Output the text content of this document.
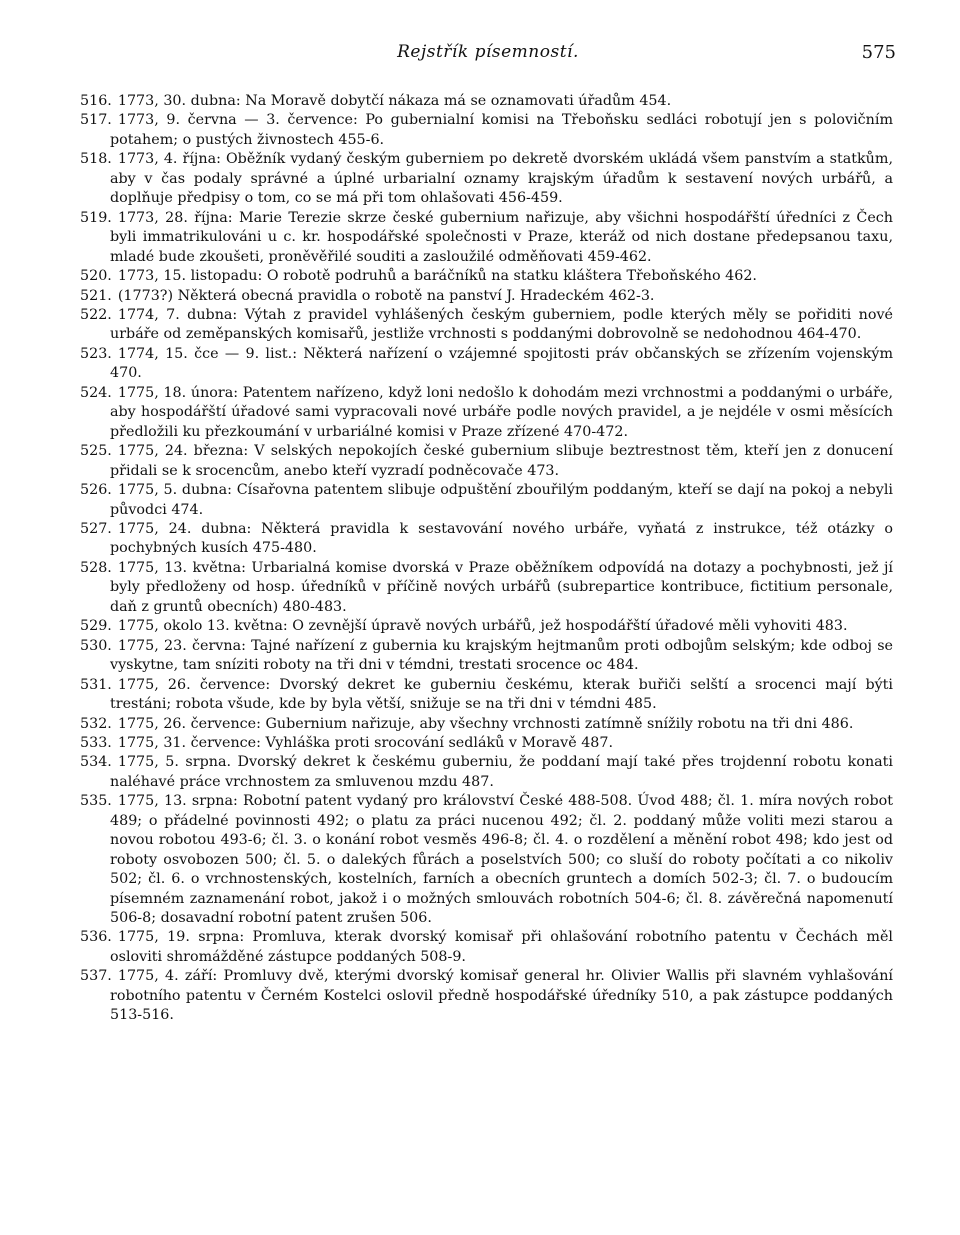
Rejstřík písemností.	575

516. 1773, 30. dubna: Na Moravě dobytčí nákaza má se oznamovati úřadům 454.

517. 1773, 9. června — 3. července: Po gubernialní komisi na Třeboňsku sedláci robotují jen s polovičním potahem; o pustých živnostech 455-6.

518. 1773, 4. října: Oběžník vydaný českým guberniem po dekretě dvorském ukládá všem panstvím a statkům, aby v čas podaly správné a úplné urbarialní oznamy krajským úřadům k sestavení nových urbářů, a doplňuje předpisy o tom, co se má při tom ohlašovati 456-459.

519. 1773, 28. října: Marie Terezie skrze české gubernium nařizuje, aby všichni hospodářští úředníci z Čech byli immatrikulováni u c. kr. hospodářské společnosti v Praze, kteráž od nich dostane předepsanou taxu, mladé bude zkoušeti, proněvěřilé souditi a zasloužilé odměňovati 459-462.

520. 1773, 15. listopadu: O robotě podruhů a baráčníků na statku kláštera Třeboňského 462.

521. (1773?) Některá obecná pravidla o robotě na panství J. Hradeckém 462-3.

522. 1774, 7. dubna: Výtah z pravidel vyhlášených českým guberniem, podle kterých měly se pořiditi nové urbáře od zeměpanských komisařů, jestliže vrchnosti s poddanými dobrovolně se nedohodnou 464-470.

523. 1774, 15. čce — 9. list.: Některá nařízení o vzájemné spojitosti práv občanských se zřízením vojenským 470.

524. 1775, 18. února: Patentem nařízeno, když loni nedošlo k dohodám mezi vrchnostmi a poddanými o urbáře, aby hospodářští úřadové sami vypracovali nové urbáře podle nových pravidel, a je nejdéle v osmi měsících předložili ku přezkoumání v urbariálné komisi v Praze zřízené 470-472.

525. 1775, 24. března: V selských nepokojích české gubernium slibuje beztrestnost těm, kteří jen z donucení přidali se k srocencům, anebo kteří vyzradí podněcovače 473.

526. 1775, 5. dubna: Císařovna patentem slibuje odpuštění zbouřilým poddaným, kteří se dají na pokoj a nebyli původci 474.

527. 1775, 24. dubna: Některá pravidla k sestavování nového urbáře, vyňatá z instrukce, též otázky o pochybných kusích 475-480.

528. 1775, 13. května: Urbarialná komise dvorská v Praze oběžníkem odpovídá na dotazy a pochybnosti, jež jí byly předloženy od hosp. úředníků v příčině nových urbářů (subrepartice kontribuce, fictitium personale, daň z gruntů obecních) 480-483.

529. 1775, okolo 13. května: O zevnější úpravě nových urbářů, jež hospodářští úřadové měli vyhoviti 483.

530. 1775, 23. června: Tajné nařízení z gubernia ku krajským hejtmanům proti odbojům selským; kde odboj se vyskytne, tam sníziti roboty na tři dni v témdni, trestati srocence oc 484.

531. 1775, 26. července: Dvorský dekret ke guberniu českému, kterak buřiči selští a srocenci mají býti trestáni; robota všude, kde by byla větší, snižuje se na tři dni v témdni 485.

532. 1775, 26. července: Gubernium nařizuje, aby všechny vrchnosti zatímně snížily robotu na tři dni 486.

533. 1775, 31. července: Vyhláška proti srocování sedláků v Moravě 487.

534. 1775, 5. srpna. Dvorský dekret k českému guberniu, že poddaní mají také přes trojdenní robotu konati naléhavé práce vrchnostem za smluvenou mzdu 487.

535. 1775, 13. srpna: Robotní patent vydaný pro království České 488-508. Úvod 488; čl. 1. míra nových robot 489; o přádelné povinnosti 492; o platu za práci nucenou 492; čl. 2. poddaný může voliti mezi starou a novou robotou 493-6; čl. 3. o konání robot vesměs 496-8; čl. 4. o rozdělení a měnění robot 498; kdo jest od roboty osvobozen 500; čl. 5. o dalekých fůrách a poselstvích 500; co sluší do roboty počítati a co nikoliv 502; čl. 6. o vrchnostenských, kostelních, farních a obecních gruntech a domích 502-3; čl. 7. o budoucím písemném zaznamenání robot, jakož i o možných smlouvách robotních 504-6; čl. 8. závěrečná napomenutí 506-8; dosavadní robotní patent zrušen 506.

536. 1775, 19. srpna: Promluva, kterak dvorský komisař při ohlašování robotního patentu v Čechách měl osloviti shromážděné zástupce poddaných 508-9.

537. 1775, 4. září: Promluvy dvě, kterými dvorský komisař general hr. Olivier Wallis při slavném vyhlašování robotního patentu v Černém Kostelci oslovil předně hospodářské úředníky 510, a pak zástupce poddaných 513-516.
